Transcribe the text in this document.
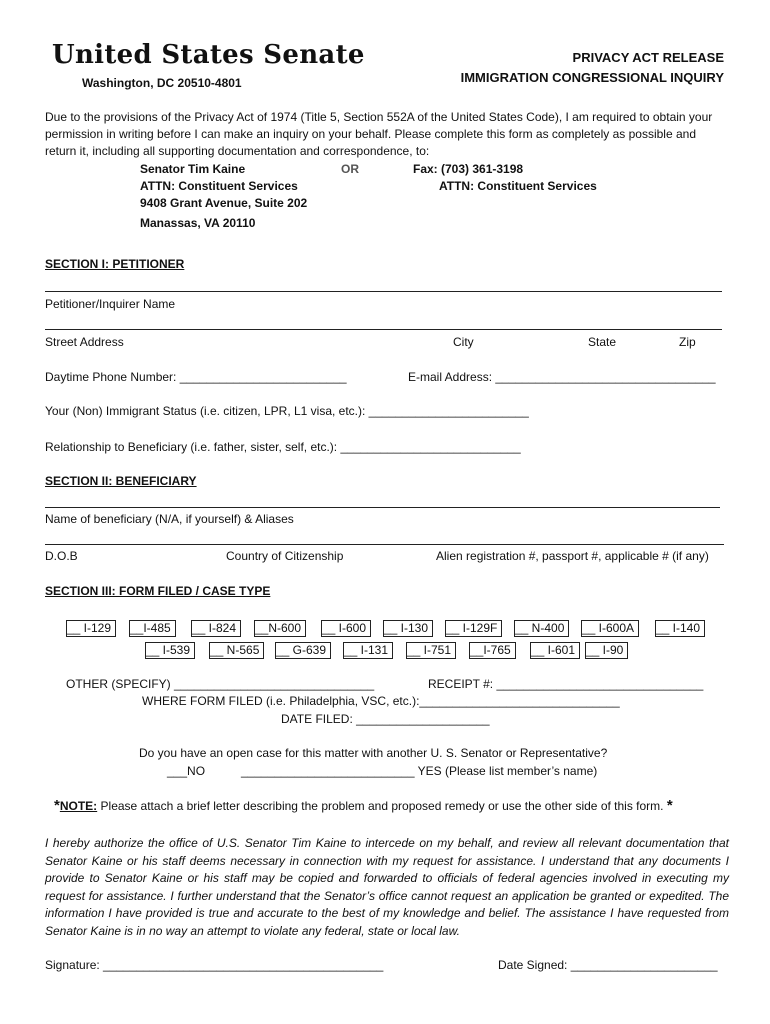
United States Senate
Washington, DC 20510-4801
PRIVACY ACT RELEASE
IMMIGRATION CONGRESSIONAL INQUIRY
Due to the provisions of the Privacy Act of 1974 (Title 5, Section 552A of the United States Code), I am required to obtain your permission in writing before I can make an inquiry on your behalf. Please complete this form as completely as possible and return it, including all supporting documentation and correspondence, to:
Senator Tim Kaine	OR	Fax: (703) 361-3198
ATTN: Constituent Services	ATTN: Constituent Services
9408 Grant Avenue, Suite 202
Manassas, VA 20110
SECTION I: PETITIONER
Petitioner/Inquirer Name
Street Address	City	State	Zip
Daytime Phone Number: _________________________	E-mail Address: _________________________________
Your (Non) Immigrant Status (i.e. citizen, LPR, L1 visa, etc.): ________________________
Relationship to Beneficiary (i.e. father, sister, self, etc.): ___________________________
SECTION II: BENEFICIARY
Name of beneficiary (N/A, if yourself) & Aliases
D.O.B	Country of Citizenship	Alien registration #, passport #, applicable # (if any)
SECTION III: FORM FILED / CASE TYPE
__ I-129	__I-485	__ I-824	__N-600	__ I-600	__ I-130	__ I-129F	__ N-400	__ I-600A	__ I-140
__ I-539	__ N-565	__ G-639	__ I-131	__ I-751	__I-765	__ I-601 __ I-90
OTHER (SPECIFY) ______________________________	RECEIPT #: _______________________________
WHERE FORM FILED (i.e. Philadelphia, VSC, etc.):______________________________
DATE FILED: ____________________
Do you have an open case for this matter with another U. S. Senator or Representative?
___NO	__________________________ YES (Please list member’s name)
*NOTE: Please attach a brief letter describing the problem and proposed remedy or use the other side of this form. *
I hereby authorize the office of U.S. Senator Tim Kaine to intercede on my behalf, and review all relevant documentation that Senator Kaine or his staff deems necessary in connection with my request for assistance. I understand that any documents I provide to Senator Kaine or his staff may be copied and forwarded to officials of federal agencies involved in executing my request for assistance. I further understand that the Senator’s office cannot request an application be granted or expedited. The information I have provided is true and accurate to the best of my knowledge and belief. The assistance I have requested from Senator Kaine is in no way an attempt to violate any federal, state or local law.
Signature: __________________________________________	Date Signed: ______________________
